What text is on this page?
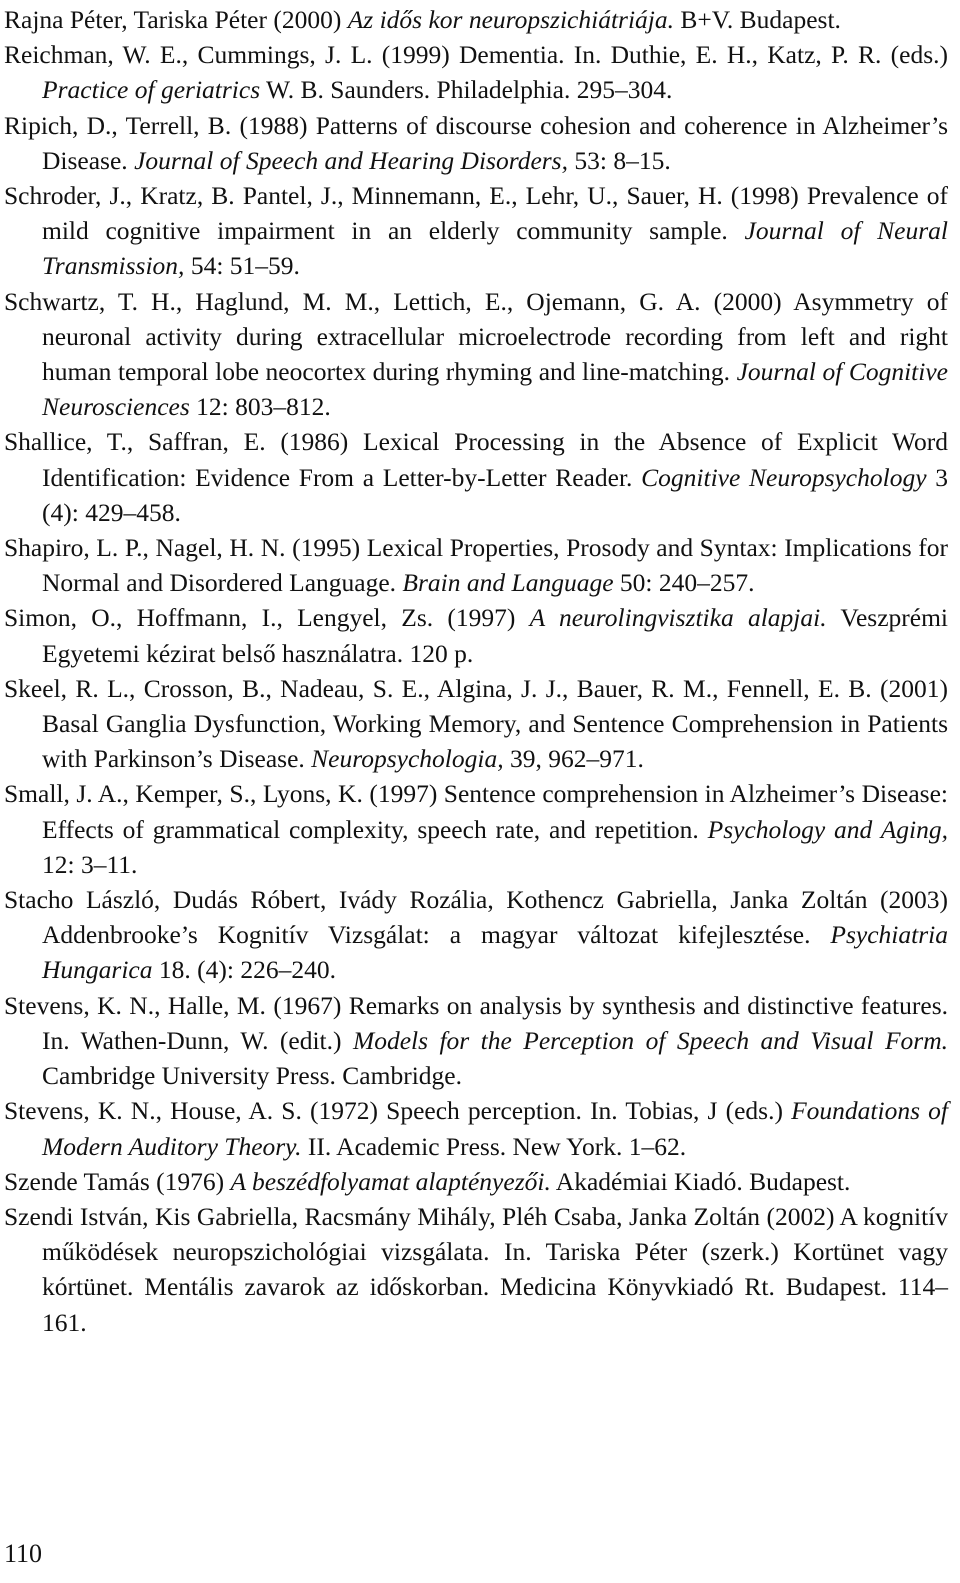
Rajna Péter, Tariska Péter (2000) Az idős kor neuropszichiátriája. B+V. Budapest.

Reichman, W. E., Cummings, J. L. (1999) Dementia. In. Duthie, E. H., Katz, P. R. (eds.) Practice of geriatrics W. B. Saunders. Philadelphia. 295–304.

Ripich, D., Terrell, B. (1988) Patterns of discourse cohesion and coherence in Alzheimer’s Disease. Journal of Speech and Hearing Disorders, 53: 8–15.

Schroder, J., Kratz, B. Pantel, J., Minnemann, E., Lehr, U., Sauer, H. (1998) Prevalence of mild cognitive impairment in an elderly community sample. Journal of Neural Transmission, 54: 51–59.

Schwartz, T. H., Haglund, M. M., Lettich, E., Ojemann, G. A. (2000) Asymmetry of neuronal activity during extracellular microelectrode recording from left and right human temporal lobe neocortex during rhyming and line-matching. Journal of Cognitive Neurosciences 12: 803–812.

Shallice, T., Saffran, E. (1986) Lexical Processing in the Absence of Explicit Word Identification: Evidence From a Letter-by-Letter Reader. Cognitive Neuropsychology 3 (4): 429–458.

Shapiro, L. P., Nagel, H. N. (1995) Lexical Properties, Prosody and Syntax: Implications for Normal and Disordered Language. Brain and Language 50: 240–257.

Simon, O., Hoffmann, I., Lengyel, Zs. (1997) A neurolingvisztika alapjai. Veszprémi Egyetemi kézirat belső használatra. 120 p.

Skeel, R. L., Crosson, B., Nadeau, S. E., Algina, J. J., Bauer, R. M., Fennell, E. B. (2001) Basal Ganglia Dysfunction, Working Memory, and Sentence Comprehension in Patients with Parkinson’s Disease. Neuropsychologia, 39, 962–971.

Small, J. A., Kemper, S., Lyons, K. (1997) Sentence comprehension in Alzheimer’s Disease: Effects of grammatical complexity, speech rate, and repetition. Psychology and Aging, 12: 3–11.

Stacho László, Dudás Róbert, Ivády Rozália, Kothencz Gabriella, Janka Zoltán (2003) Addenbrooke’s Kognitív Vizsgálat: a magyar változat kifejlesztése. Psychiatria Hungarica 18. (4): 226–240.

Stevens, K. N., Halle, M. (1967) Remarks on analysis by synthesis and distinctive features. In. Wathen-Dunn, W. (edit.) Models for the Perception of Speech and Visual Form. Cambridge University Press. Cambridge.

Stevens, K. N., House, A. S. (1972) Speech perception. In. Tobias, J (eds.) Foundations of Modern Auditory Theory. II. Academic Press. New York. 1–62.

Szende Tamás (1976) A beszédfolyamat alaptényezői. Akadémiai Kiadó. Budapest.

Szendi István, Kis Gabriella, Racsmány Mihály, Pléh Csaba, Janka Zoltán (2002) A kognitív működések neuropszichológiai vizsgálata. In. Tariska Péter (szerk.) Kortünet vagy kórtünet. Mentális zavarok az időskorban. Medicina Könyvkiadó Rt. Budapest. 114–161.

110
